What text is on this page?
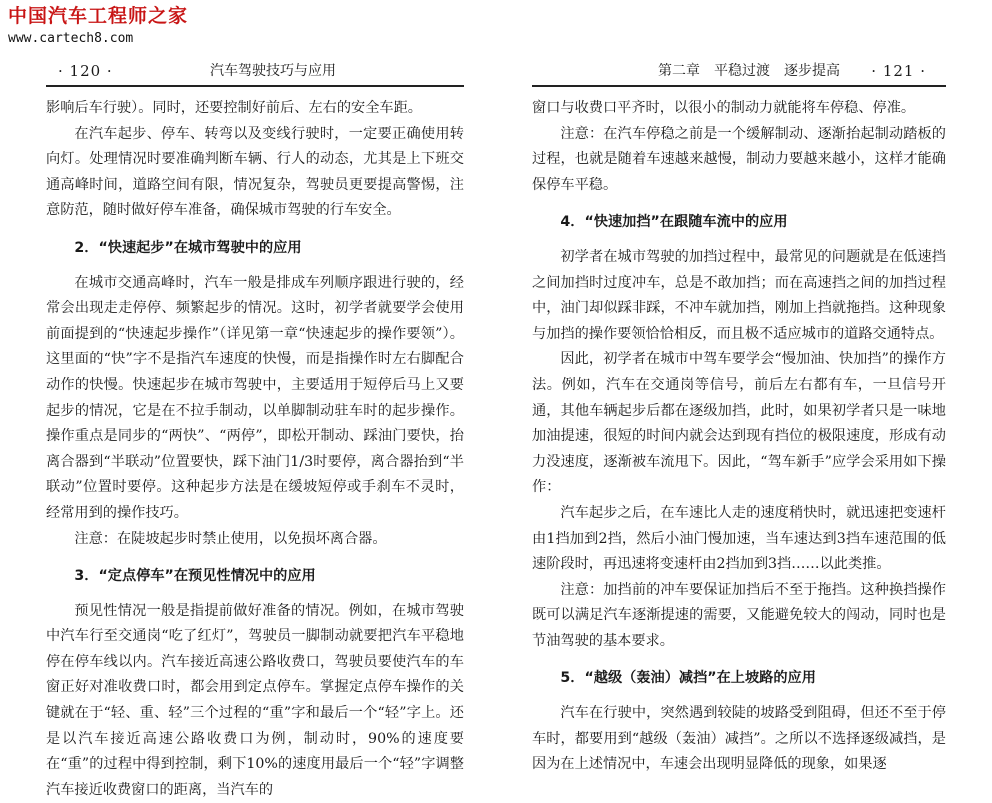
中国汽车工程师之家
www.cartech8.com
· 120 ·	汽车驾驶技巧与应用

影响后车行驶）。同时，还要控制好前后、左右的安全车距。

在汽车起步、停车、转弯以及变线行驶时，一定要正确使用转向灯。处理情况时要准确判断车辆、行人的动态，尤其是上下班交通高峰时间，道路空间有限，情况复杂，驾驶员更要提高警惕，注意防范，随时做好停车准备，确保城市驾驶的行车安全。

2．“快速起步”在城市驾驶中的应用

在城市交通高峰时，汽车一般是排成车列顺序跟进行驶的，经常会出现走走停停、频繁起步的情况。这时，初学者就要学会使用前面提到的“快速起步操作”（详见第一章“快速起步的操作要领”）。这里面的“快”字不是指汽车速度的快慢，而是指操作时左右脚配合动作的快慢。快速起步在城市驾驶中，主要适用于短停后马上又要起步的情况，它是在不拉手制动，以单脚制动驻车时的起步操作。操作重点是同步的“两快”、“两停”，即松开制动、踩油门要快，抬离合器到“半联动”位置要快，踩下油门1/3时要停，离合器抬到“半联动”位置时要停。这种起步方法是在缓坡短停或手刹车不灵时，经常用到的操作技巧。

注意：在陡坡起步时禁止使用，以免损坏离合器。

3．“定点停车”在预见性情况中的应用

预见性情况一般是指提前做好准备的情况。例如，在城市驾驶中汽车行至交通岗“吃了红灯”，驾驶员一脚制动就要把汽车平稳地停在停车线以内。汽车接近高速公路收费口，驾驶员要使汽车的车窗正好对准收费口时，都会用到定点停车。掌握定点停车操作的关键就在于“轻、重、轻”三个过程的“重”字和最后一个“轻”字上。还是以汽车接近高速公路收费口为例，制动时，90%的速度要在“重”的过程中得到控制，剩下10%的速度用最后一个“轻”字调整汽车接近收费窗口的距离，当汽车的

第二章　平稳过渡　逐步提高 · 121 ·

窗口与收费口平齐时，以很小的制动力就能将车停稳、停准。

注意：在汽车停稳之前是一个缓解制动、逐渐抬起制动踏板的过程，也就是随着车速越来越慢，制动力要越来越小，这样才能确保停车平稳。

4．“快速加挡”在跟随车流中的应用

初学者在城市驾驶的加挡过程中，最常见的问题就是在低速挡之间加挡时过度冲车，总是不敢加挡；而在高速挡之间的加挡过程中，油门却似踩非踩，不冲车就加挡，刚加上挡就拖挡。这种现象与加挡的操作要领恰恰相反，而且极不适应城市的道路交通特点。

因此，初学者在城市中驾车要学会“慢加油、快加挡”的操作方法。例如，汽车在交通岗等信号，前后左右都有车，一旦信号开通，其他车辆起步后都在逐级加挡，此时，如果初学者只是一味地加油提速，很短的时间内就会达到现有挡位的极限速度，形成有动力没速度，逐渐被车流甩下。因此，“驾车新手”应学会采用如下操作：

汽车起步之后，在车速比人走的速度稍快时，就迅速把变速杆由1挡加到2挡，然后小油门慢加速，当车速达到3挡车速范围的低速阶段时，再迅速将变速杆由2挡加到3挡……以此类推。

注意：加挡前的冲车要保证加挡后不至于拖挡。这种换挡操作既可以满足汽车逐渐提速的需要，又能避免较大的闯动，同时也是节油驾驶的基本要求。

5．“越级（轰油）减挡”在上坡路的应用

汽车在行驶中，突然遇到较陡的坡路受到阻碍，但还不至于停车时，都要用到“越级（轰油）减挡”。之所以不选择逐级减挡，是因为在上述情况中，车速会出现明显降低的现象，如果逐
